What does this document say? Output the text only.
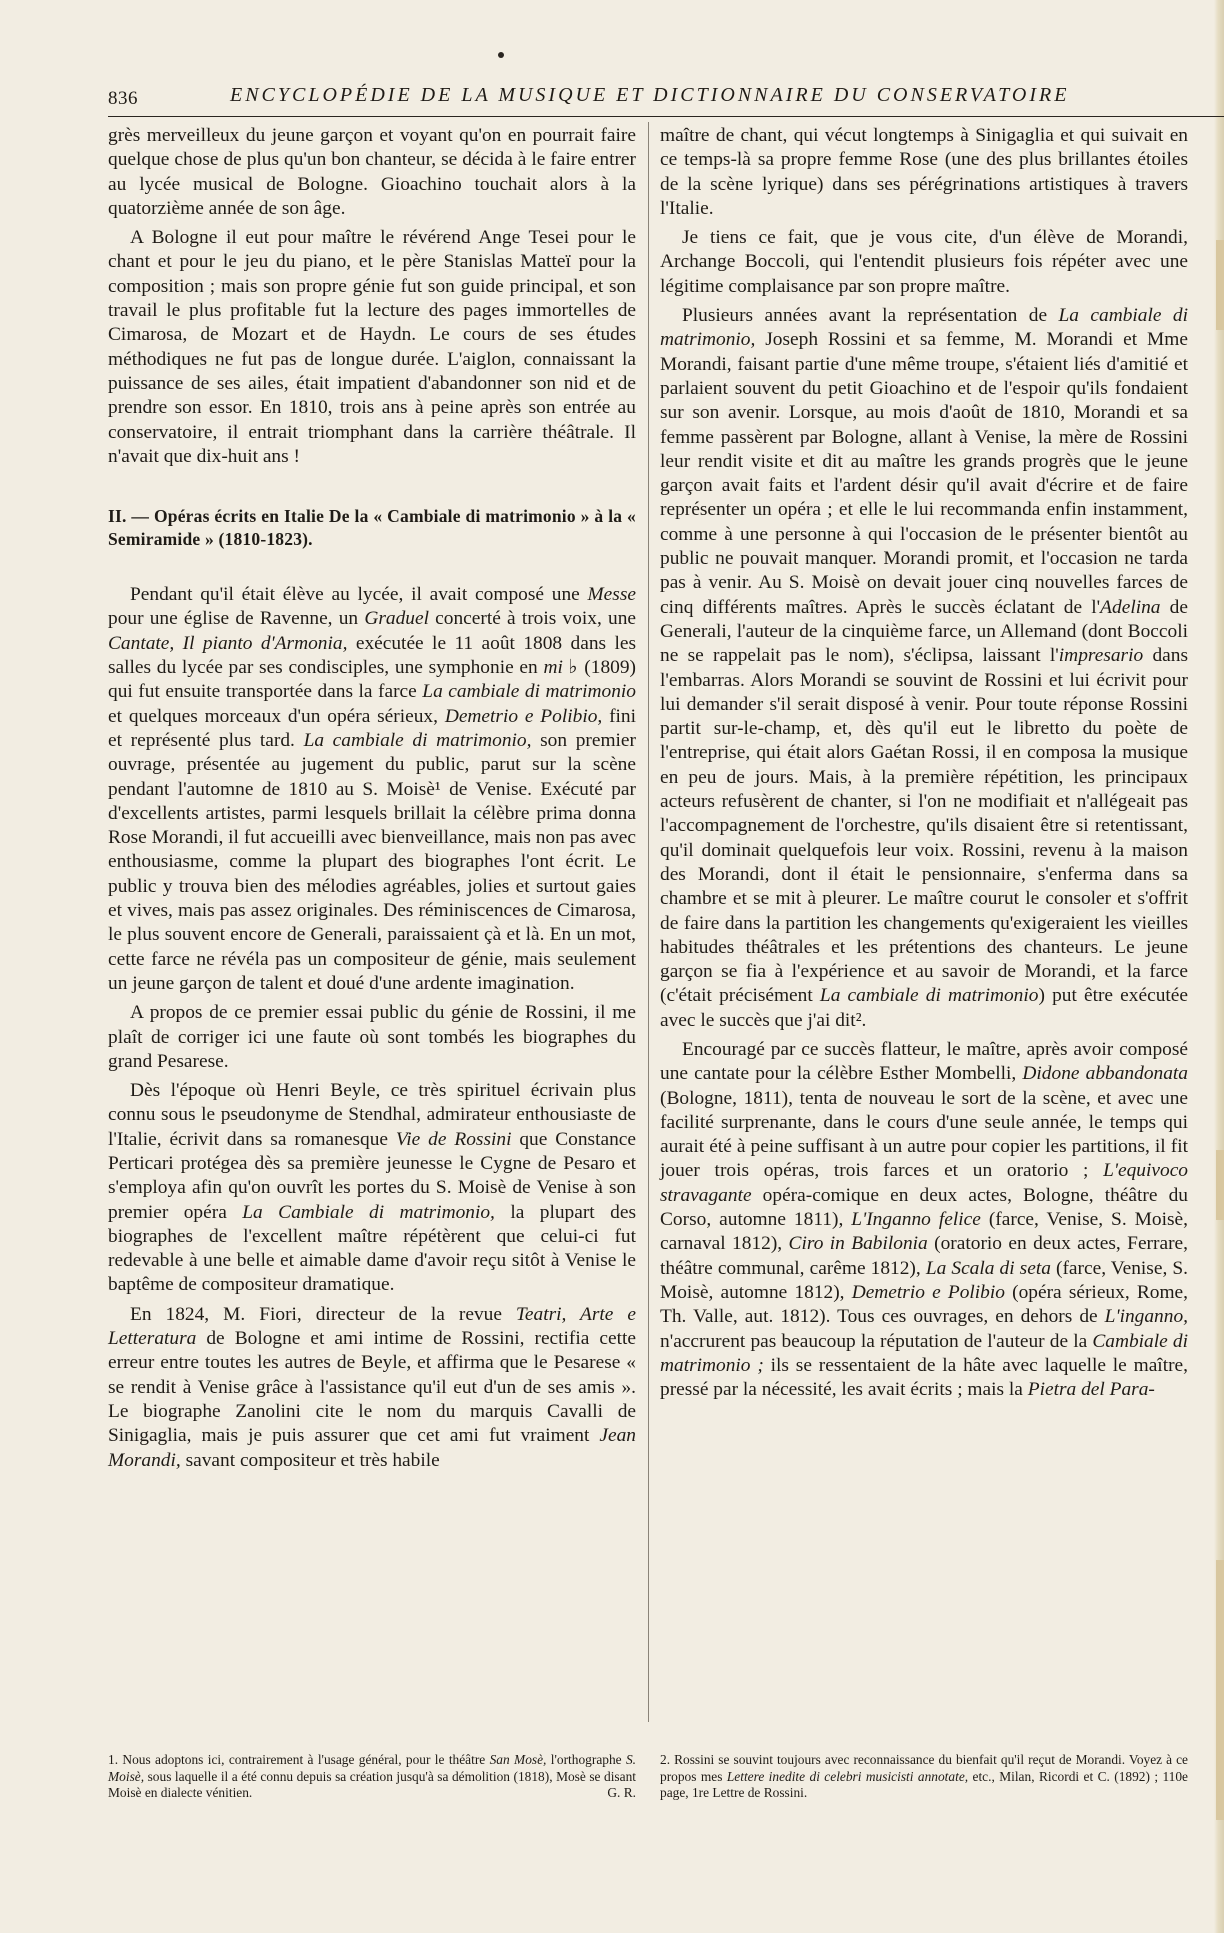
836	ENCYCLOPÉDIE DE LA MUSIQUE ET DICTIONNAIRE DU CONSERVATOIRE

grès merveilleux du jeune garçon et voyant qu'on en pourrait faire quelque chose de plus qu'un bon chanteur, se décida à le faire entrer au lycée musical de Bologne. Gioachino touchait alors à la quatorzième année de son âge.

A Bologne il eut pour maître le révérend Ange Tesei pour le chant et pour le jeu du piano, et le père Stanislas Matteï pour la composition ; mais son propre génie fut son guide principal, et son travail le plus profitable fut la lecture des pages immortelles de Cimarosa, de Mozart et de Haydn. Le cours de ses études méthodiques ne fut pas de longue durée. L'aiglon, connaissant la puissance de ses ailes, était impatient d'abandonner son nid et de prendre son essor. En 1810, trois ans à peine après son entrée au conservatoire, il entrait triomphant dans la carrière théâtrale. Il n'avait que dix-huit ans !

II. — Opéras écrits en Italie De la « Cambiale di matrimonio » à la « Semiramide » (1810-1823).

Pendant qu'il était élève au lycée, il avait composé une Messe pour une église de Ravenne, un Graduel concerté à trois voix, une Cantate, Il pianto d'Armonia, exécutée le 11 août 1808 dans les salles du lycée par ses condisciples, une symphonie en mi ♭ (1809) qui fut ensuite transportée dans la farce La cambiale di matrimonio et quelques morceaux d'un opéra sérieux, Demetrio e Polibio, fini et représenté plus tard. La cambiale di matrimonio, son premier ouvrage, présentée au jugement du public, parut sur la scène pendant l'automne de 1810 au S. Moisè¹ de Venise. Exécuté par d'excellents artistes, parmi lesquels brillait la célèbre prima donna Rose Morandi, il fut accueilli avec bienveillance, mais non pas avec enthousiasme, comme la plupart des biographes l'ont écrit. Le public y trouva bien des mélodies agréables, jolies et surtout gaies et vives, mais pas assez originales. Des réminiscences de Cimarosa, le plus souvent encore de Generali, paraissaient çà et là. En un mot, cette farce ne révéla pas un compositeur de génie, mais seulement un jeune garçon de talent et doué d'une ardente imagination.

A propos de ce premier essai public du génie de Rossini, il me plaît de corriger ici une faute où sont tombés les biographes du grand Pesarese.

Dès l'époque où Henri Beyle, ce très spirituel écrivain plus connu sous le pseudonyme de Stendhal, admirateur enthousiaste de l'Italie, écrivit dans sa romanesque Vie de Rossini que Constance Perticari protégea dès sa première jeunesse le Cygne de Pesaro et s'employa afin qu'on ouvrît les portes du S. Moisè de Venise à son premier opéra La Cambiale di matrimonio, la plupart des biographes de l'excellent maître répétèrent que celui-ci fut redevable à une belle et aimable dame d'avoir reçu sitôt à Venise le baptême de compositeur dramatique.

En 1824, M. Fiori, directeur de la revue Teatri, Arte e Letteratura de Bologne et ami intime de Rossini, rectifia cette erreur entre toutes les autres de Beyle, et affirma que le Pesarese « se rendit à Venise grâce à l'assistance qu'il eut d'un de ses amis ». Le biographe Zanolini cite le nom du marquis Cavalli de Sinigaglia, mais je puis assurer que cet ami fut vraiment Jean Morandi, savant compositeur et très habile

maître de chant, qui vécut longtemps à Sinigaglia et qui suivait en ce temps-là sa propre femme Rose (une des plus brillantes étoiles de la scène lyrique) dans ses pérégrinations artistiques à travers l'Italie.

Je tiens ce fait, que je vous cite, d'un élève de Morandi, Archange Boccoli, qui l'entendit plusieurs fois répéter avec une légitime complaisance par son propre maître.

Plusieurs années avant la représentation de La cambiale di matrimonio, Joseph Rossini et sa femme, M. Morandi et Mme Morandi, faisant partie d'une même troupe, s'étaient liés d'amitié et parlaient souvent du petit Gioachino et de l'espoir qu'ils fondaient sur son avenir. Lorsque, au mois d'août de 1810, Morandi et sa femme passèrent par Bologne, allant à Venise, la mère de Rossini leur rendit visite et dit au maître les grands progrès que le jeune garçon avait faits et l'ardent désir qu'il avait d'écrire et de faire représenter un opéra ; et elle le lui recommanda enfin instamment, comme à une personne à qui l'occasion de le présenter bientôt au public ne pouvait manquer. Morandi promit, et l'occasion ne tarda pas à venir. Au S. Moisè on devait jouer cinq nouvelles farces de cinq différents maîtres. Après le succès éclatant de l'Adelina de Generali, l'auteur de la cinquième farce, un Allemand (dont Boccoli ne se rappelait pas le nom), s'éclipsa, laissant l'impresario dans l'embarras. Alors Morandi se souvint de Rossini et lui écrivit pour lui demander s'il serait disposé à venir. Pour toute réponse Rossini partit sur-le-champ, et, dès qu'il eut le libretto du poète de l'entreprise, qui était alors Gaétan Rossi, il en composa la musique en peu de jours. Mais, à la première répétition, les principaux acteurs refusèrent de chanter, si l'on ne modifiait et n'allégeait pas l'accompagnement de l'orchestre, qu'ils disaient être si retentissant, qu'il dominait quelquefois leur voix. Rossini, revenu à la maison des Morandi, dont il était le pensionnaire, s'enferma dans sa chambre et se mit à pleurer. Le maître courut le consoler et s'offrit de faire dans la partition les changements qu'exigeraient les vieilles habitudes théâtrales et les prétentions des chanteurs. Le jeune garçon se fia à l'expérience et au savoir de Morandi, et la farce (c'était précisément La cambiale di matrimonio) put être exécutée avec le succès que j'ai dit².

Encouragé par ce succès flatteur, le maître, après avoir composé une cantate pour la célèbre Esther Mombelli, Didone abbandonata (Bologne, 1811), tenta de nouveau le sort de la scène, et avec une facilité surprenante, dans le cours d'une seule année, le temps qui aurait été à peine suffisant à un autre pour copier les partitions, il fit jouer trois opéras, trois farces et un oratorio ; L'equivoco stravagante opéra-comique en deux actes, Bologne, théâtre du Corso, automne 1811), L'Inganno felice (farce, Venise, S. Moisè, carnaval 1812), Ciro in Babilonia (oratorio en deux actes, Ferrare, théâtre communal, carême 1812), La Scala di seta (farce, Venise, S. Moisè, automne 1812), Demetrio e Polibio (opéra sérieux, Rome, Th. Valle, aut. 1812). Tous ces ouvrages, en dehors de L'inganno, n'accrurent pas beaucoup la réputation de l'auteur de la Cambiale di matrimonio ; ils se ressentaient de la hâte avec laquelle le maître, pressé par la nécessité, les avait écrits ; mais la Pietra del Para-

1. Nous adoptons ici, contrairement à l'usage général, pour le théâtre San Mosè, l'orthographe S. Moisè, sous laquelle il a été connu depuis sa création jusqu'à sa démolition (1818), Mosè se disant Moisè en dialecte vénitien.	G. R.
2. Rossini se souvint toujours avec reconnaissance du bienfait qu'il reçut de Morandi. Voyez à ce propos mes Lettere inedite di celebri musicisti annotate, etc., Milan, Ricordi et C. (1892) ; 110e page, 1re Lettre de Rossini.
